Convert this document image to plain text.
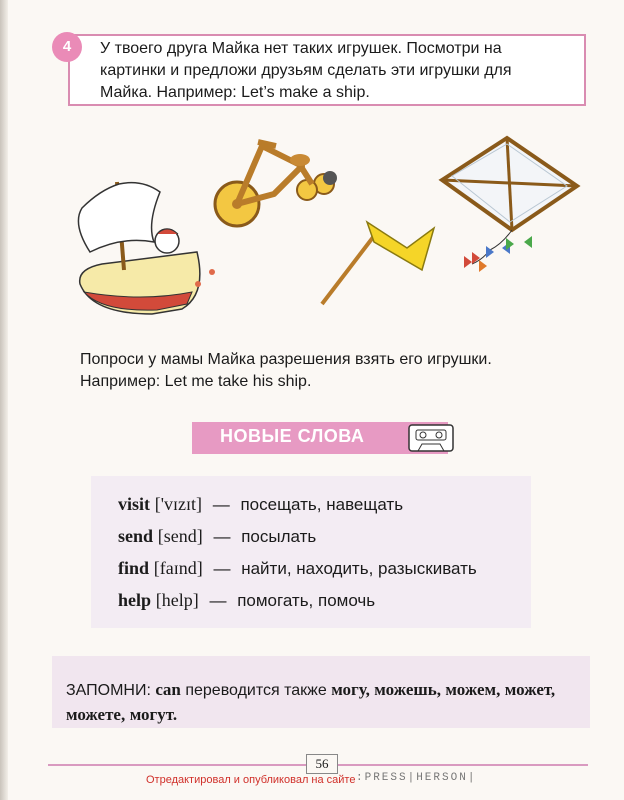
4	У твоего друга Майка нет таких игрушек. Посмотри на
картинки и предложи друзьям сделать эти игрушки для
Майка. Например: Let’s make a ship.
Попроси у мамы Майка разрешения взять его игрушки.
Например: Let me take his ship.
НОВЫЕ СЛОВА
visit ['vɪzɪt] — посещать, навещать
send [send] — посылать
find [faɪnd] — найти, находить, разыскивать
help [help] — помогать, помочь
ЗАПОМНИ: can переводится также могу, можешь, можем, может, можете, могут.
56
Отредактировал и опубликовал на сайте :PRESS|HERSON|
